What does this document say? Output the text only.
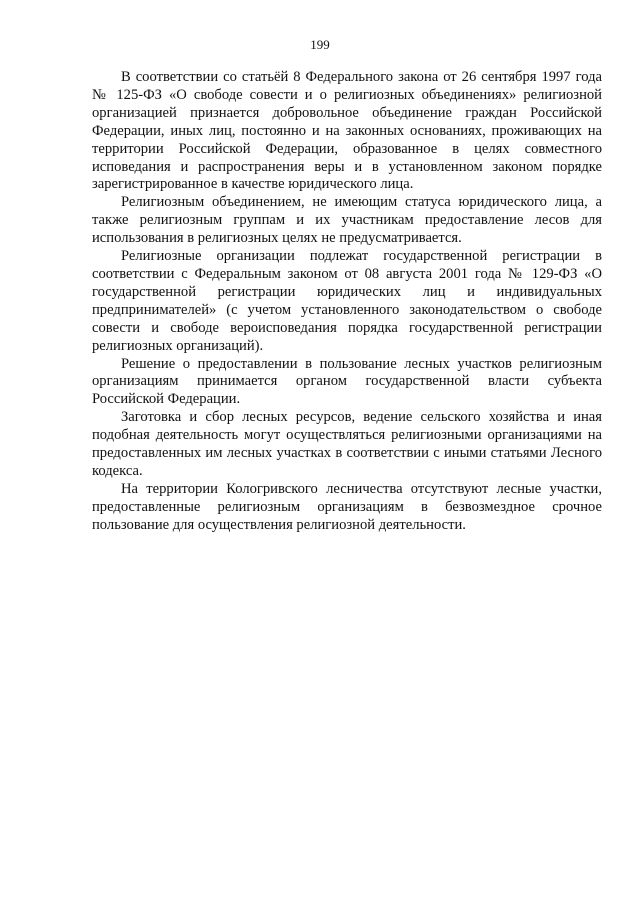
199

В соответствии со статьёй 8 Федерального закона от 26 сентября 1997 года № 125-ФЗ «О свободе совести и о религиозных объединениях» религиозной организацией признается добровольное объединение граждан Российской Федерации, иных лиц, постоянно и на законных основаниях, проживающих на территории Российской Федерации, образованное в целях совместного исповедания и распространения веры и в установленном законом порядке зарегистрированное в качестве юридического лица.

Религиозным объединением, не имеющим статуса юридического лица, а также религиозным группам и их участникам предоставление лесов для использования в религиозных целях не предусматривается.

Религиозные организации подлежат государственной регистрации в соответствии с Федеральным законом от 08 августа 2001 года № 129-ФЗ «О государственной регистрации юридических лиц и индивидуальных предпринимателей» (с учетом установленного законодательством о свободе совести и свободе вероисповедания порядка государственной регистрации религиозных организаций).

Решение о предоставлении в пользование лесных участков религиозным организациям принимается органом государственной власти субъекта Российской Федерации.

Заготовка и сбор лесных ресурсов, ведение сельского хозяйства и иная подобная деятельность могут осуществляться религиозными организациями на предоставленных им лесных участках в соответствии с иными статьями Лесного кодекса.

На территории Кологривского лесничества отсутствуют лесные участки, предоставленные религиозным организациям в безвозмездное срочное пользование для осуществления религиозной деятельности.
